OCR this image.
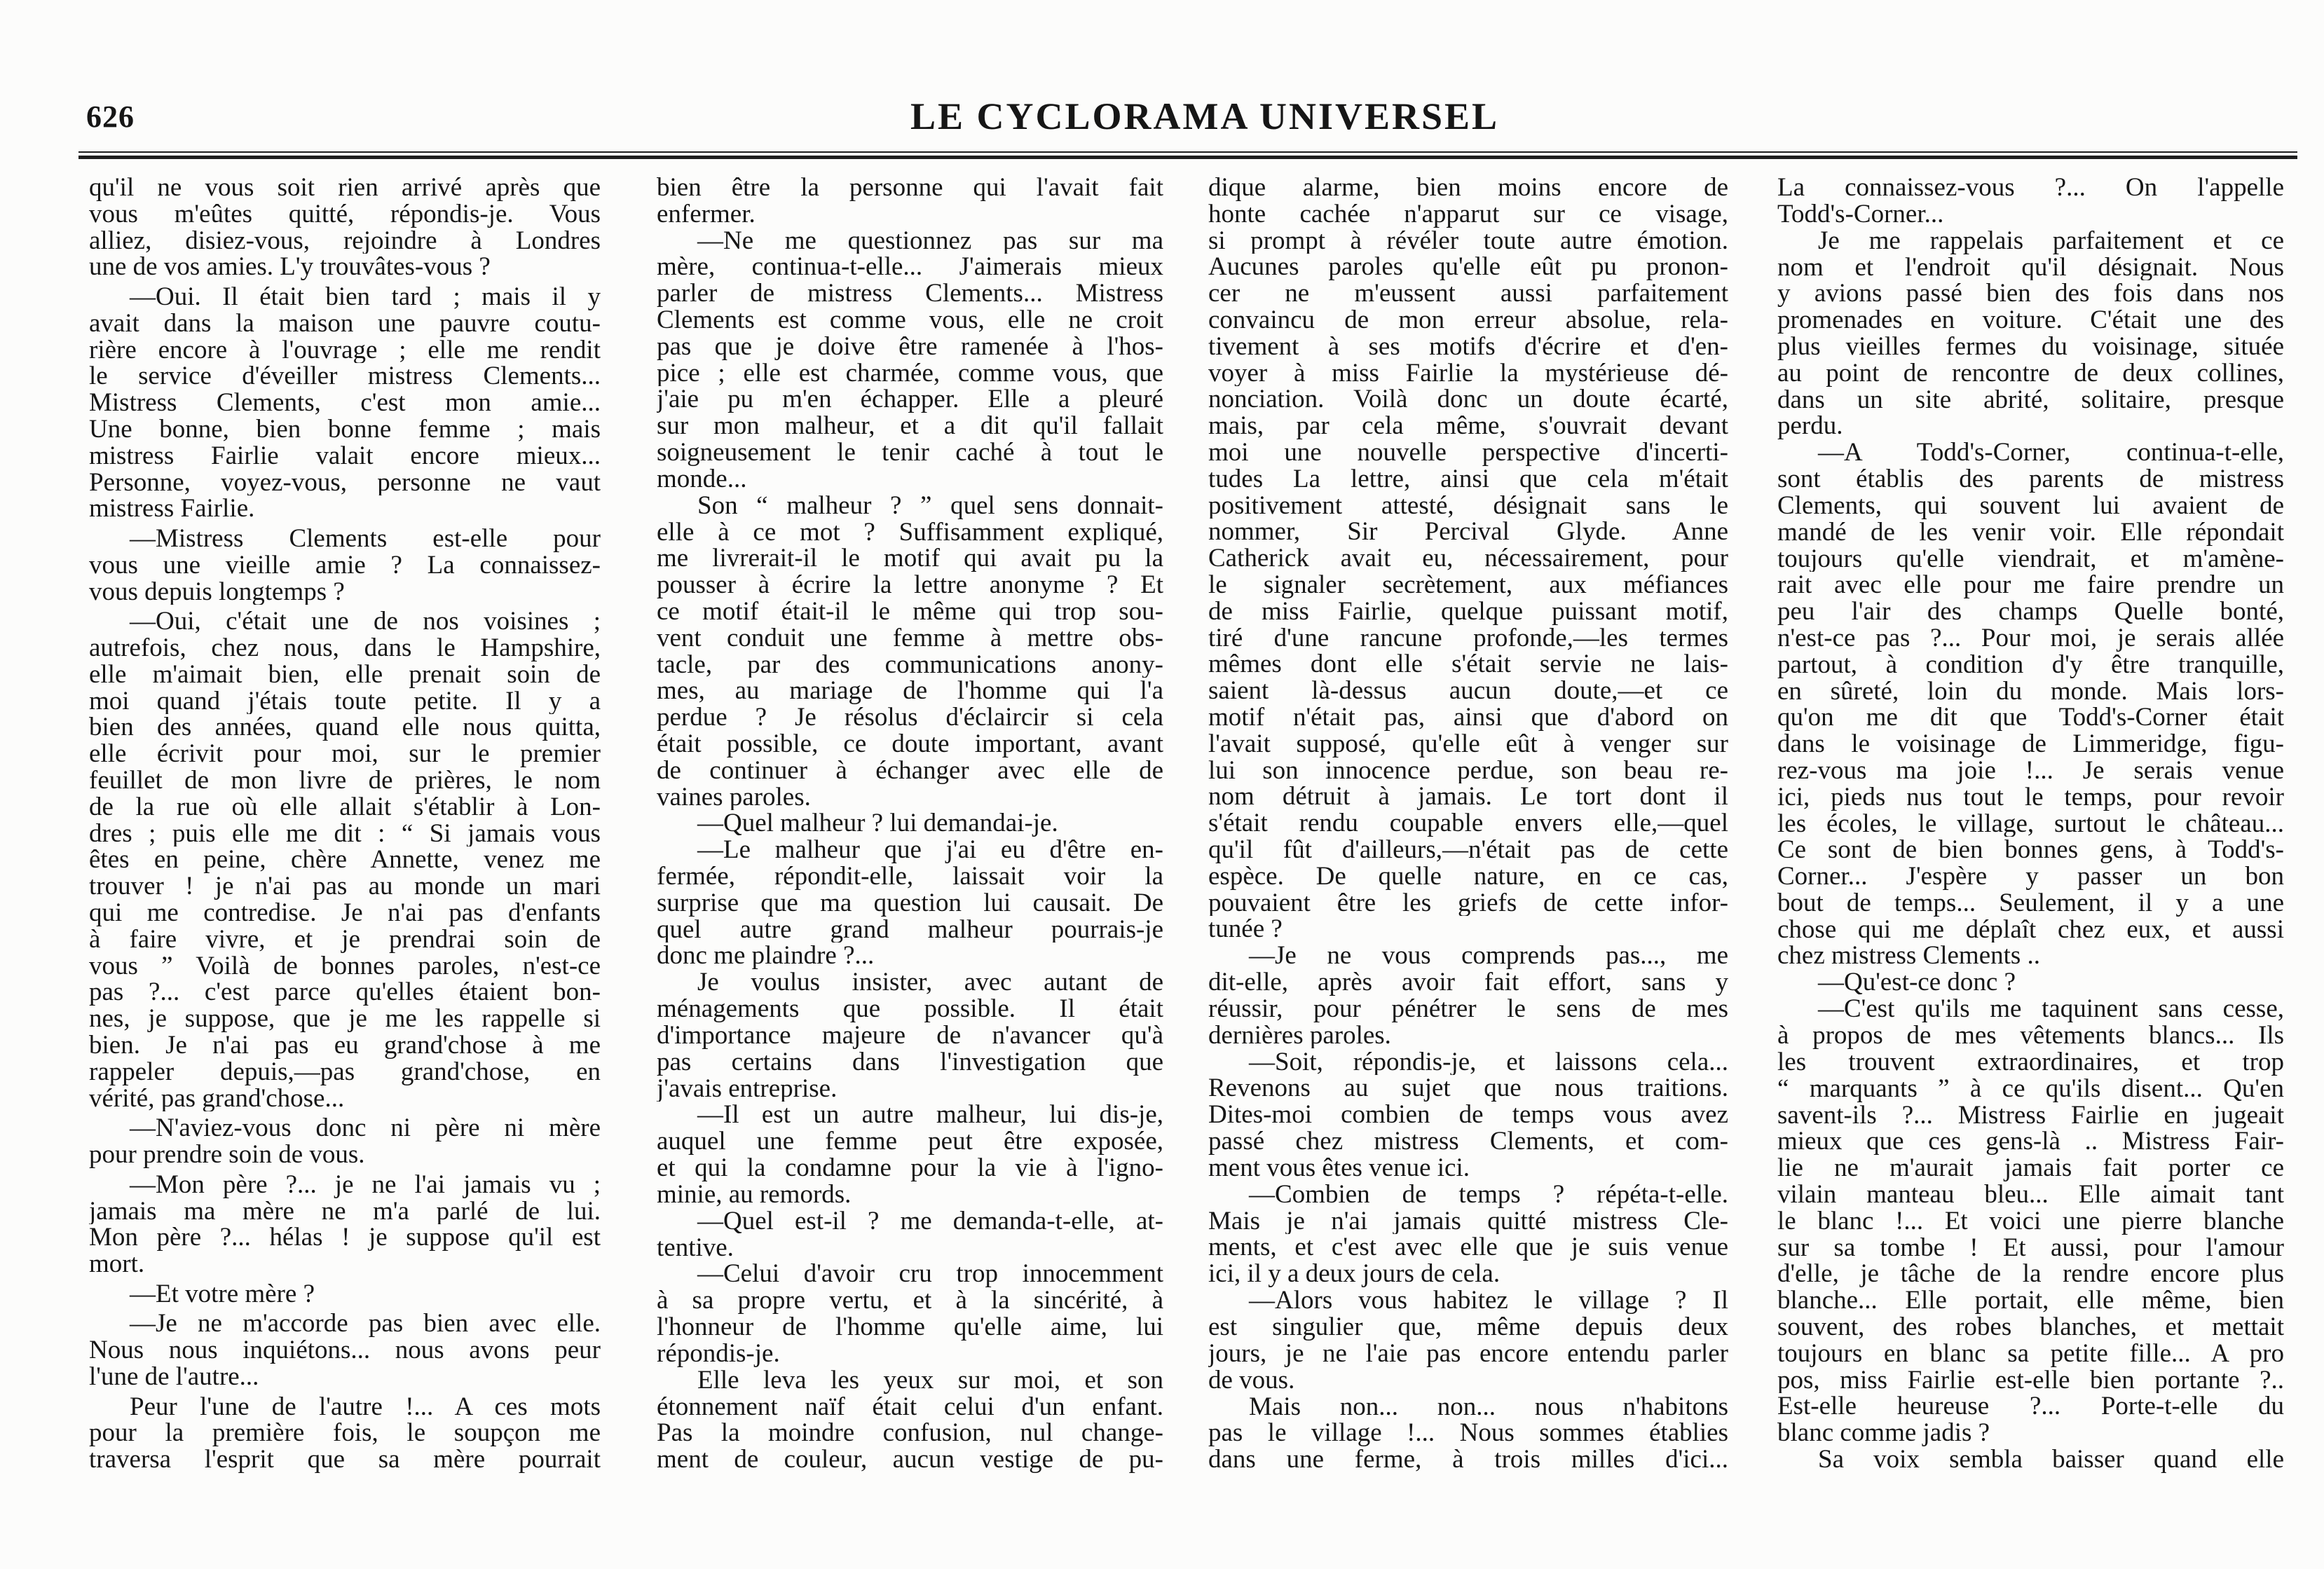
626	LE CYCLORAMA UNIVERSEL
qu'il ne vous soit rien arrivé après que
vous m'eûtes quitté, répondis-je. Vous
alliez, disiez-vous, rejoindre à Londres
une de vos amies. L'y trouvâtes-vous ?
—Oui. Il était bien tard ; mais il y
avait dans la maison une pauvre coutu-
rière encore à l'ouvrage ; elle me rendit
le service d'éveiller mistress Clements...
Mistress Clements, c'est mon amie...
Une bonne, bien bonne femme ; mais
mistress Fairlie valait encore mieux...
Personne, voyez-vous, personne ne vaut
mistress Fairlie.
—Mistress Clements est-elle pour
vous une vieille amie ? La connaissez-
vous depuis longtemps ?
—Oui, c'était une de nos voisines ;
autrefois, chez nous, dans le Hampshire,
elle m'aimait bien, elle prenait soin de
moi quand j'étais toute petite. Il y a
bien des années, quand elle nous quitta,
elle écrivit pour moi, sur le premier
feuillet de mon livre de prières, le nom
de la rue où elle allait s'établir à Lon-
dres ; puis elle me dit : “ Si jamais vous
êtes en peine, chère Annette, venez me
trouver ! je n'ai pas au monde un mari
qui me contredise. Je n'ai pas d'enfants
à faire vivre, et je prendrai soin de
vous ” Voilà de bonnes paroles, n'est-ce
pas ?... c'est parce qu'elles étaient bon-
nes, je suppose, que je me les rappelle si
bien. Je n'ai pas eu grand'chose à me
rappeler depuis,—pas grand'chose, en
vérité, pas grand'chose...
—N'aviez-vous donc ni père ni mère
pour prendre soin de vous.
—Mon père ?... je ne l'ai jamais vu ;
jamais ma mère ne m'a parlé de lui.
Mon père ?... hélas ! je suppose qu'il est
mort.
—Et votre mère ?
—Je ne m'accorde pas bien avec elle.
Nous nous inquiétons... nous avons peur
l'une de l'autre...
Peur l'une de l'autre !... A ces mots
pour la première fois, le soupçon me
traversa l'esprit que sa mère pourrait
bien être la personne qui l'avait fait
enfermer.
—Ne me questionnez pas sur ma
mère, continua-t-elle... J'aimerais mieux
parler de mistress Clements... Mistress
Clements est comme vous, elle ne croit
pas que je doive être ramenée à l'hos-
pice ; elle est charmée, comme vous, que
j'aie pu m'en échapper. Elle a pleuré
sur mon malheur, et a dit qu'il fallait
soigneusement le tenir caché à tout le
monde...
Son “ malheur ? ” quel sens donnait-
elle à ce mot ? Suffisamment expliqué,
me livrerait-il le motif qui avait pu la
pousser à écrire la lettre anonyme ? Et
ce motif était-il le même qui trop sou-
vent conduit une femme à mettre obs-
tacle, par des communications anony-
mes, au mariage de l'homme qui l'a
perdue ? Je résolus d'éclaircir si cela
était possible, ce doute important, avant
de continuer à échanger avec elle de
vaines paroles.
—Quel malheur ? lui demandai-je.
—Le malheur que j'ai eu d'être en-
fermée, répondit-elle, laissait voir la
surprise que ma question lui causait. De
quel autre grand malheur pourrais-je
donc me plaindre ?...
Je voulus insister, avec autant de
ménagements que possible. Il était
d'importance majeure de n'avancer qu'à
pas certains dans l'investigation que
j'avais entreprise.
—Il est un autre malheur, lui dis-je,
auquel une femme peut être exposée,
et qui la condamne pour la vie à l'igno-
minie, au remords.
—Quel est-il ? me demanda-t-elle, at-
tentive.
—Celui d'avoir cru trop innocemment
à sa propre vertu, et à la sincérité, à
l'honneur de l'homme qu'elle aime, lui
répondis-je.
Elle leva les yeux sur moi, et son
étonnement naïf était celui d'un enfant.
Pas la moindre confusion, nul change-
ment de couleur, aucun vestige de pu-
dique alarme, bien moins encore de
honte cachée n'apparut sur ce visage,
si prompt à révéler toute autre émotion.
Aucunes paroles qu'elle eût pu pronon-
cer ne m'eussent aussi parfaitement
convaincu de mon erreur absolue, rela-
tivement à ses motifs d'écrire et d'en-
voyer à miss Fairlie la mystérieuse dé-
nonciation. Voilà donc un doute écarté,
mais, par cela même, s'ouvrait devant
moi une nouvelle perspective d'incerti-
tudes La lettre, ainsi que cela m'était
positivement attesté, désignait sans le
nommer, Sir Percival Glyde. Anne
Catherick avait eu, nécessairement, pour
le signaler secrètement, aux méfiances
de miss Fairlie, quelque puissant motif,
tiré d'une rancune profonde,—les termes
mêmes dont elle s'était servie ne lais-
saient là-dessus aucun doute,—et ce
motif n'était pas, ainsi que d'abord on
l'avait supposé, qu'elle eût à venger sur
lui son innocence perdue, son beau re-
nom détruit à jamais. Le tort dont il
s'était rendu coupable envers elle,—quel
qu'il fût d'ailleurs,—n'était pas de cette
espèce. De quelle nature, en ce cas,
pouvaient être les griefs de cette infor-
tunée ?
—Je ne vous comprends pas..., me
dit-elle, après avoir fait effort, sans y
réussir, pour pénétrer le sens de mes
dernières paroles.
—Soit, répondis-je, et laissons cela...
Revenons au sujet que nous traitions.
Dites-moi combien de temps vous avez
passé chez mistress Clements, et com-
ment vous êtes venue ici.
—Combien de temps ? répéta-t-elle.
Mais je n'ai jamais quitté mistress Cle-
ments, et c'est avec elle que je suis venue
ici, il y a deux jours de cela.
—Alors vous habitez le village ? Il
est singulier que, même depuis deux
jours, je ne l'aie pas encore entendu parler
de vous.
Mais non... non... nous n'habitons
pas le village !... Nous sommes établies
dans une ferme, à trois milles d'ici...
La connaissez-vous ?... On l'appelle
Todd's-Corner...
Je me rappelais parfaitement et ce
nom et l'endroit qu'il désignait. Nous
y avions passé bien des fois dans nos
promenades en voiture. C'était une des
plus vieilles fermes du voisinage, située
au point de rencontre de deux collines,
dans un site abrité, solitaire, presque
perdu.
—A Todd's-Corner, continua-t-elle,
sont établis des parents de mistress
Clements, qui souvent lui avaient de
mandé de les venir voir. Elle répondait
toujours qu'elle viendrait, et m'amène-
rait avec elle pour me faire prendre un
peu l'air des champs Quelle bonté,
n'est-ce pas ?... Pour moi, je serais allée
partout, à condition d'y être tranquille,
en sûreté, loin du monde. Mais lors-
qu'on me dit que Todd's-Corner était
dans le voisinage de Limmeridge, figu-
rez-vous ma joie !... Je serais venue
ici, pieds nus tout le temps, pour revoir
les écoles, le village, surtout le château...
Ce sont de bien bonnes gens, à Todd's-
Corner... J'espère y passer un bon
bout de temps... Seulement, il y a une
chose qui me déplaît chez eux, et aussi
chez mistress Clements ..
—Qu'est-ce donc ?
—C'est qu'ils me taquinent sans cesse,
à propos de mes vêtements blancs... Ils
les trouvent extraordinaires, et trop
“ marquants ” à ce qu'ils disent... Qu'en
savent-ils ?... Mistress Fairlie en jugeait
mieux que ces gens-là .. Mistress Fair-
lie ne m'aurait jamais fait porter ce
vilain manteau bleu... Elle aimait tant
le blanc !... Et voici une pierre blanche
sur sa tombe ! Et aussi, pour l'amour
d'elle, je tâche de la rendre encore plus
blanche... Elle portait, elle même, bien
souvent, des robes blanches, et mettait
toujours en blanc sa petite fille... A pro
pos, miss Fairlie est-elle bien portante ?..
Est-elle heureuse ?... Porte-t-elle du
blanc comme jadis ?
Sa voix sembla baisser quand elle
